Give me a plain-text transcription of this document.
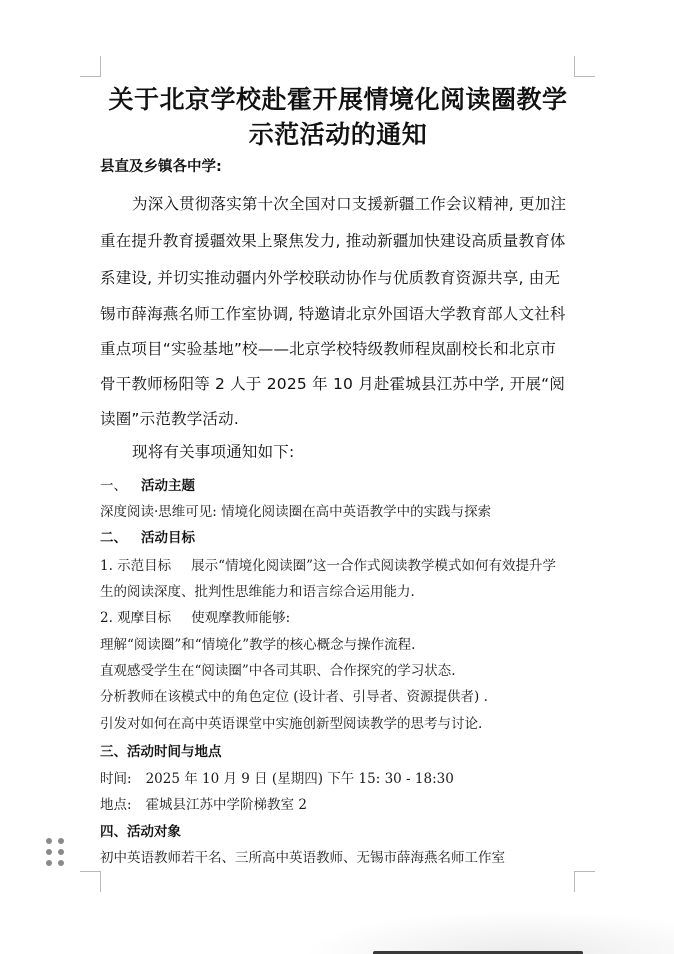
关于北京学校赴霍开展情境化阅读圈教学
示范活动的通知

县直及乡镇各中学:

为深入贯彻落实第十次全国对口支援新疆工作会议精神, 更加注

重在提升教育援疆效果上聚焦发力, 推动新疆加快建设高质量教育体

系建设, 并切实推动疆内外学校联动协作与优质教育资源共享, 由无

锡市薛海燕名师工作室协调, 特邀请北京外国语大学教育部人文社科

重点项目“实验基地”校——北京学校特级教师程岚副校长和北京市

骨干教师杨阳等 2 人于 2025 年 10 月赴霍城县江苏中学, 开展“阅

读圈”示范教学活动.

现将有关事项通知如下:

一、 活动主题

深度阅读·思维可见: 情境化阅读圈在高中英语教学中的实践与探索

二、 活动目标

1. 示范目标 展示“情境化阅读圈”这一合作式阅读教学模式如何有效提升学

生的阅读深度、批判性思维能力和语言综合运用能力.

2. 观摩目标 使观摩教师能够:

理解“阅读圈”和“情境化”教学的核心概念与操作流程.

直观感受学生在“阅读圈”中各司其职、合作探究的学习状态.

分析教师在该模式中的角色定位 (设计者、引导者、资源提供者) .

引发对如何在高中英语课堂中实施创新型阅读教学的思考与讨论.

三、活动时间与地点

时间: 2025 年 10 月 9 日 (星期四) 下午 15: 30 - 18:30

地点: 霍城县江苏中学阶梯教室 2

四、活动对象

初中英语教师若干名、三所高中英语教师、无锡市薛海燕名师工作室
